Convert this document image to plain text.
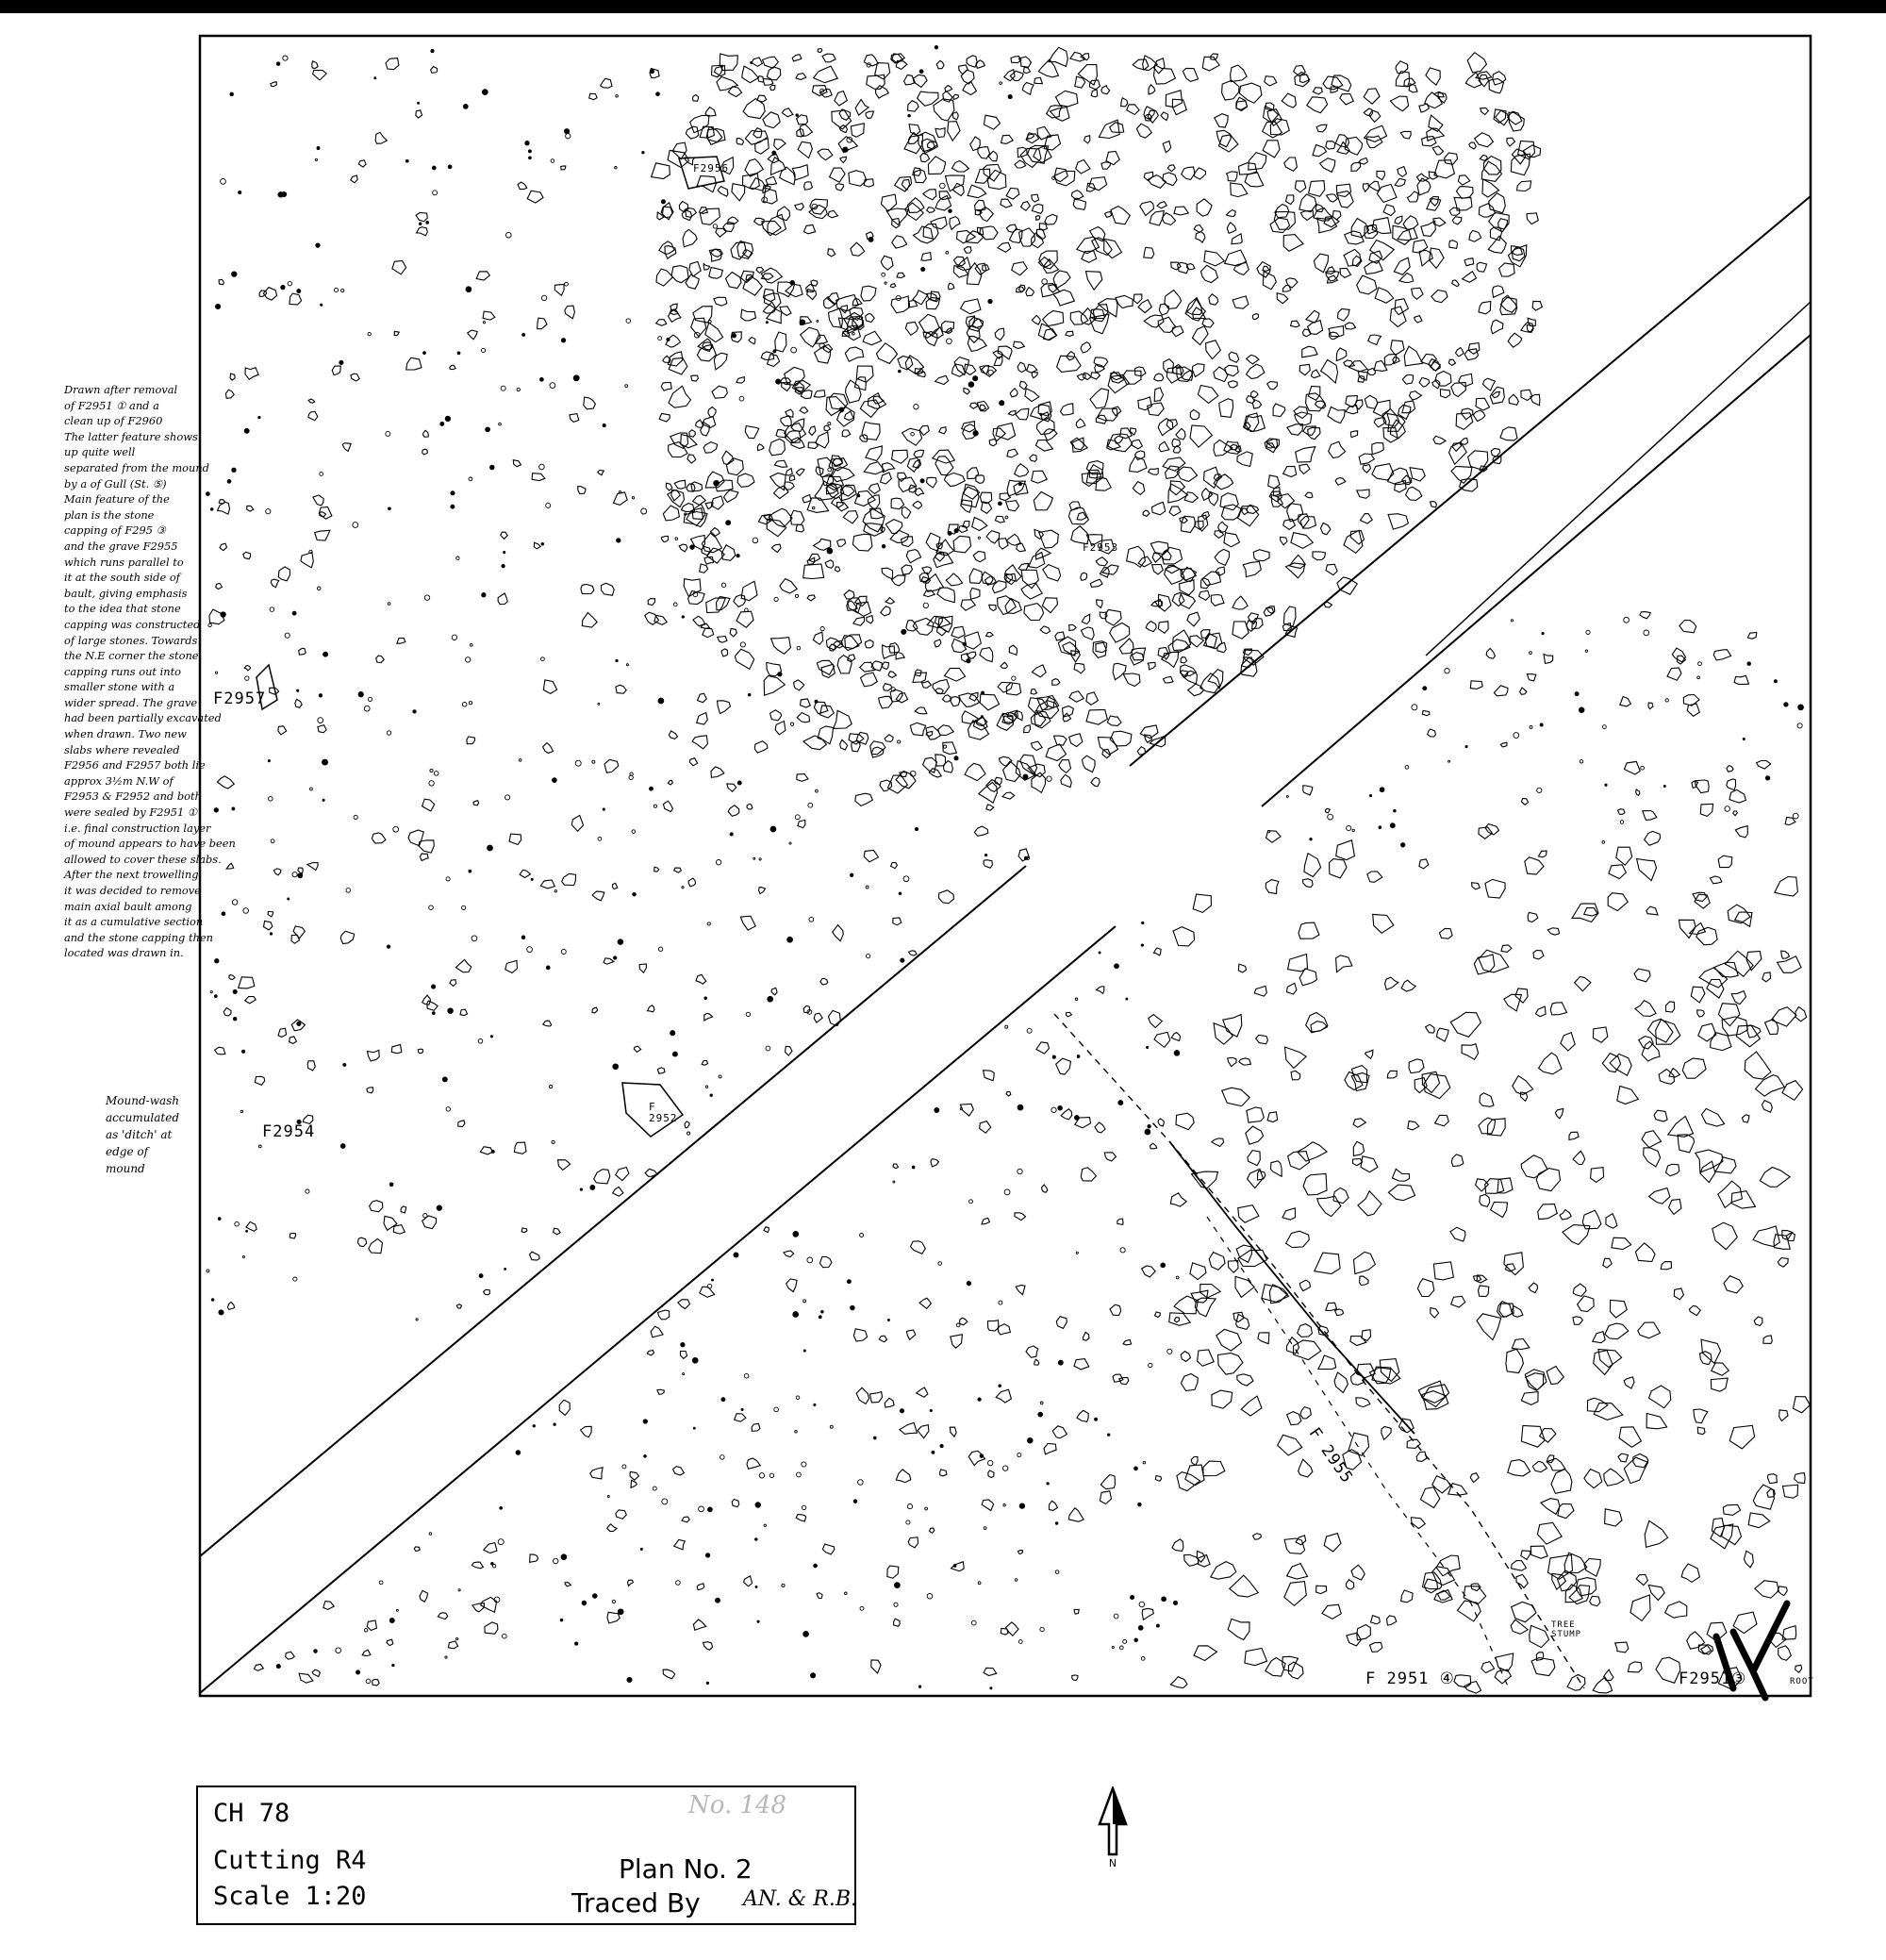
F2956
F2957
F2954
F 2952
F2953
F 2955
F 2951 ④	F2951③
TREE STUMP
ROOT
Drawn after removal
of F2951 ① and a
clean up of F2960
The latter feature shows
up quite well
separated from the mound
by a of Gull (St. ⑤)
Main feature of the
plan is the stone
capping of F295 ③
and the grave F2955
which runs parallel to
it at the south side of
bault, giving emphasis
to the idea that stone
capping was constructed
of large stones. Towards
the N.E corner the stone
capping runs out into
smaller stone with a
wider spread. The grave
had been partially excavated
when drawn. Two new
slabs where revealed
F2956 and F2957 both lie
approx 3½m N.W of
F2953 & F2952 and both
were sealed by F2951 ①
i.e. final construction layer
of mound appears to have been
allowed to cover these slabs.
After the next trowelling
it was decided to remove
main axial bault among
it as a cumulative section
and the stone capping then
located was drawn in.
Mound-wash
accumulated
as 'ditch' at
edge of
mound
CH 78
Cutting R4
Scale 1:20
No. 148
Plan No. 2
Traced By AN. & R.B.
N
